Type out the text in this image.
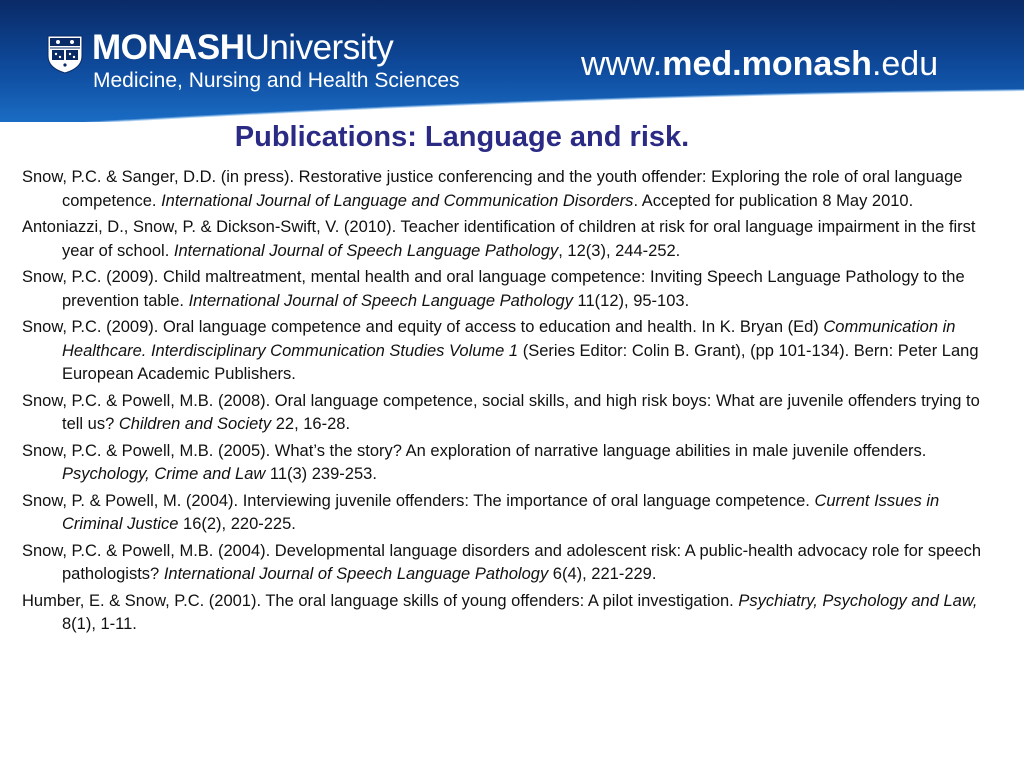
MONASHUniversity
Medicine, Nursing and Health Sciences	www.med.monash.edu
Publications: Language and risk.

Snow, P.C. & Sanger, D.D. (in press). Restorative justice conferencing and the youth offender: Exploring the role of oral language competence. International Journal of Language and Communication Disorders. Accepted for publication 8 May 2010.

Antoniazzi, D., Snow, P. & Dickson-Swift, V. (2010). Teacher identification of children at risk for oral language impairment in the first year of school. International Journal of Speech Language Pathology, 12(3), 244-252.

Snow, P.C. (2009). Child maltreatment, mental health and oral language competence: Inviting Speech Language Pathology to the prevention table. International Journal of Speech Language Pathology 11(12), 95-103.

Snow, P.C. (2009). Oral language competence and equity of access to education and health. In K. Bryan (Ed) Communication in Healthcare. Interdisciplinary Communication Studies Volume 1 (Series Editor: Colin B. Grant), (pp 101-134). Bern: Peter Lang European Academic Publishers.

Snow, P.C. & Powell, M.B. (2008). Oral language competence, social skills, and high risk boys: What are juvenile offenders trying to tell us? Children and Society 22, 16-28.

Snow, P.C. & Powell, M.B. (2005). What’s the story? An exploration of narrative language abilities in male juvenile offenders. Psychology, Crime and Law 11(3) 239-253.

Snow, P. & Powell, M. (2004). Interviewing juvenile offenders: The importance of oral language competence. Current Issues in Criminal Justice 16(2), 220-225.

Snow, P.C. & Powell, M.B. (2004). Developmental language disorders and adolescent risk: A public-health advocacy role for speech pathologists? International Journal of Speech Language Pathology 6(4), 221-229.

Humber, E. & Snow, P.C. (2001). The oral language skills of young offenders: A pilot investigation. Psychiatry, Psychology and Law, 8(1), 1-11.
